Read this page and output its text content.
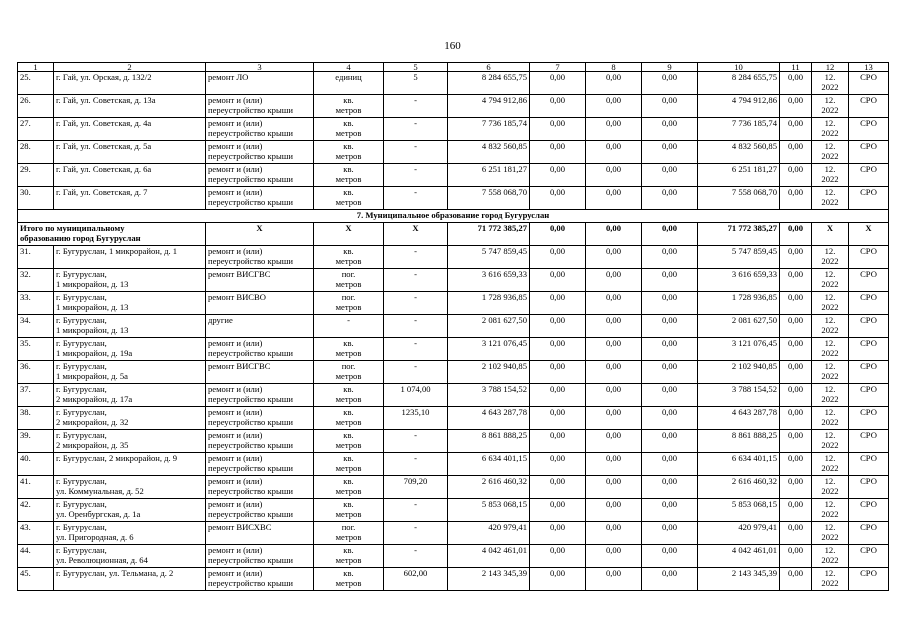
160
1	2	3	4	5	6	7	8	9	10	11	12	13
25.	г. Гай, ул. Орская, д. 132/2	ремонт ЛО	единиц	5	8 284 655,75	0,00	0,00	0,00	8 284 655,75	0,00	12.
2022	СРО
26.	г. Гай, ул. Советская, д. 13а	ремонт и (или)
переустройство крыши	кв.
метров	-	4 794 912,86	0,00	0,00	0,00	4 794 912,86	0,00	12.
2022	СРО
27.	г. Гай, ул. Советская, д. 4а	ремонт и (или)
переустройство крыши	кв.
метров	-	7 736 185,74	0,00	0,00	0,00	7 736 185,74	0,00	12.
2022	СРО
28.	г. Гай, ул. Советская, д. 5а	ремонт и (или)
переустройство крыши	кв.
метров	-	4 832 560,85	0,00	0,00	0,00	4 832 560,85	0,00	12.
2022	СРО
29.	г. Гай, ул. Советская, д. 6а	ремонт и (или)
переустройство крыши	кв.
метров	-	6 251 181,27	0,00	0,00	0,00	6 251 181,27	0,00	12.
2022	СРО
30.	г. Гай, ул. Советская, д. 7	ремонт и (или)
переустройство крыши	кв.
метров	-	7 558 068,70	0,00	0,00	0,00	7 558 068,70	0,00	12.
2022	СРО
7. Муниципальное образование город Бугуруслан												
Итого по муниципальному
образованию город Бугуруслан		X	X	X	71 772 385,27	0,00	0,00	0,00	71 772 385,27	0,00	X	X
31.	г. Бугуруслан, 1 микрорайон, д. 1	ремонт и (или)
переустройство крыши	кв.
метров	-	5 747 859,45	0,00	0,00	0,00	5 747 859,45	0,00	12.
2022	СРО
32.	г. Бугуруслан,
1 микрорайон, д. 13	ремонт ВИСГВС	пог.
метров	-	3 616 659,33	0,00	0,00	0,00	3 616 659,33	0,00	12.
2022	СРО
33.	г. Бугуруслан,
1 микрорайон, д. 13	ремонт ВИСВО	пог.
метров	-	1 728 936,85	0,00	0,00	0,00	1 728 936,85	0,00	12.
2022	СРО
34.	г. Бугуруслан,
1 микрорайон, д. 13	другие	-	-	2 081 627,50	0,00	0,00	0,00	2 081 627,50	0,00	12.
2022	СРО
35.	г. Бугуруслан,
1 микрорайон, д. 19а	ремонт и (или)
переустройство крыши	кв.
метров	-	3 121 076,45	0,00	0,00	0,00	3 121 076,45	0,00	12.
2022	СРО
36.	г. Бугуруслан,
1 микрорайон, д. 5а	ремонт ВИСГВС	пог.
метров	-	2 102 940,85	0,00	0,00	0,00	2 102 940,85	0,00	12.
2022	СРО
37.	г. Бугуруслан,
2 микрорайон, д. 17а	ремонт и (или)
переустройство крыши	кв.
метров	1 074,00	3 788 154,52	0,00	0,00	0,00	3 788 154,52	0,00	12.
2022	СРО
38.	г. Бугуруслан,
2 микрорайон, д. 32	ремонт и (или)
переустройство крыши	кв.
метров	1235,10	4 643 287,78	0,00	0,00	0,00	4 643 287,78	0,00	12.
2022	СРО
39.	г. Бугуруслан,
2 микрорайон, д. 35	ремонт и (или)
переустройство крыши	кв.
метров	-	8 861 888,25	0,00	0,00	0,00	8 861 888,25	0,00	12.
2022	СРО
40.	г. Бугуруслан, 2 микрорайон, д. 9	ремонт и (или)
переустройство крыши	кв.
метров	-	6 634 401,15	0,00	0,00	0,00	6 634 401,15	0,00	12.
2022	СРО
41.	г. Бугуруслан,
ул. Коммунальная, д. 52	ремонт и (или)
переустройство крыши	кв.
метров	709,20	2 616 460,32	0,00	0,00	0,00	2 616 460,32	0,00	12.
2022	СРО
42.	г. Бугуруслан,
ул. Оренбургская, д. 1а	ремонт и (или)
переустройство крыши	кв.
метров	-	5 853 068,15	0,00	0,00	0,00	5 853 068,15	0,00	12.
2022	СРО
43.	г. Бугуруслан,
ул. Пригородная, д. 6	ремонт ВИСХВС	пог.
метров	-	420 979,41	0,00	0,00	0,00	420 979,41	0,00	12.
2022	СРО
44.	г. Бугуруслан,
ул. Революционная, д. 64	ремонт и (или)
переустройство крыши	кв.
метров	-	4 042 461,01	0,00	0,00	0,00	4 042 461,01	0,00	12.
2022	СРО
45.	г. Бугуруслан, ул. Тельмана, д. 2	ремонт и (или)
переустройство крыши	кв.
метров	602,00	2 143 345,39	0,00	0,00	0,00	2 143 345,39	0,00	12.
2022	СРО
